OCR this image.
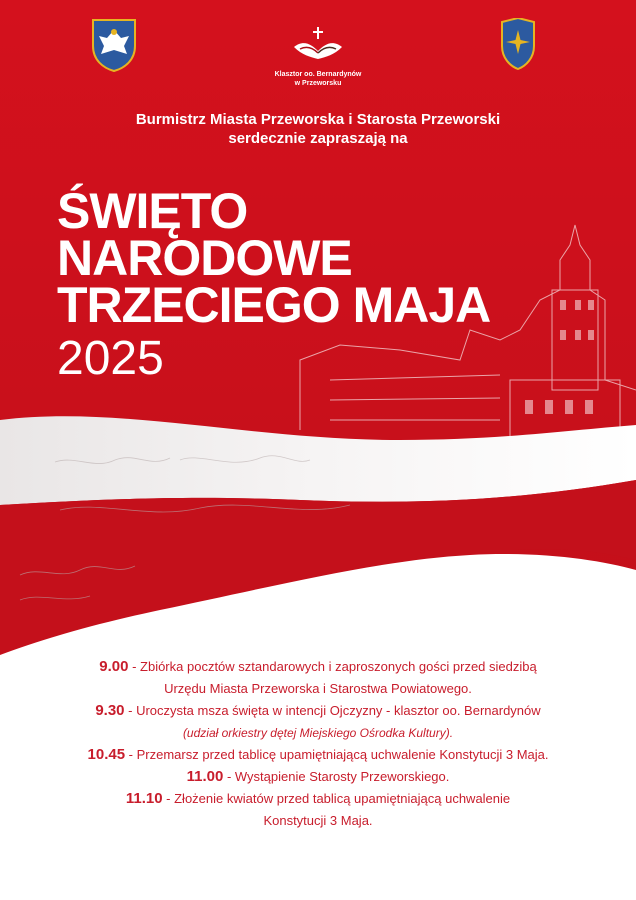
Klasztor oo. Bernardynów
w Przeworsku
Burmistrz Miasta Przeworska i Starosta Przeworski
serdecznie zapraszają na
ŚWIĘTO
NARODOWE
TRZECIEGO MAJA
2025
9.00 - Zbiórka pocztów sztandarowych i zaproszonych gości przed siedzibą
Urzędu Miasta Przeworska i Starostwa Powiatowego.
9.30 - Uroczysta msza święta w intencji Ojczyzny - klasztor oo. Bernardynów
(udział orkiestry dętej Miejskiego Ośrodka Kultury).
10.45 - Przemarsz przed tablicę upamiętniającą uchwalenie Konstytucji 3 Maja.
11.00 - Wystąpienie Starosty Przeworskiego.
11.10 - Złożenie kwiatów przed tablicą upamiętniającą uchwalenie
Konstytucji 3 Maja.
